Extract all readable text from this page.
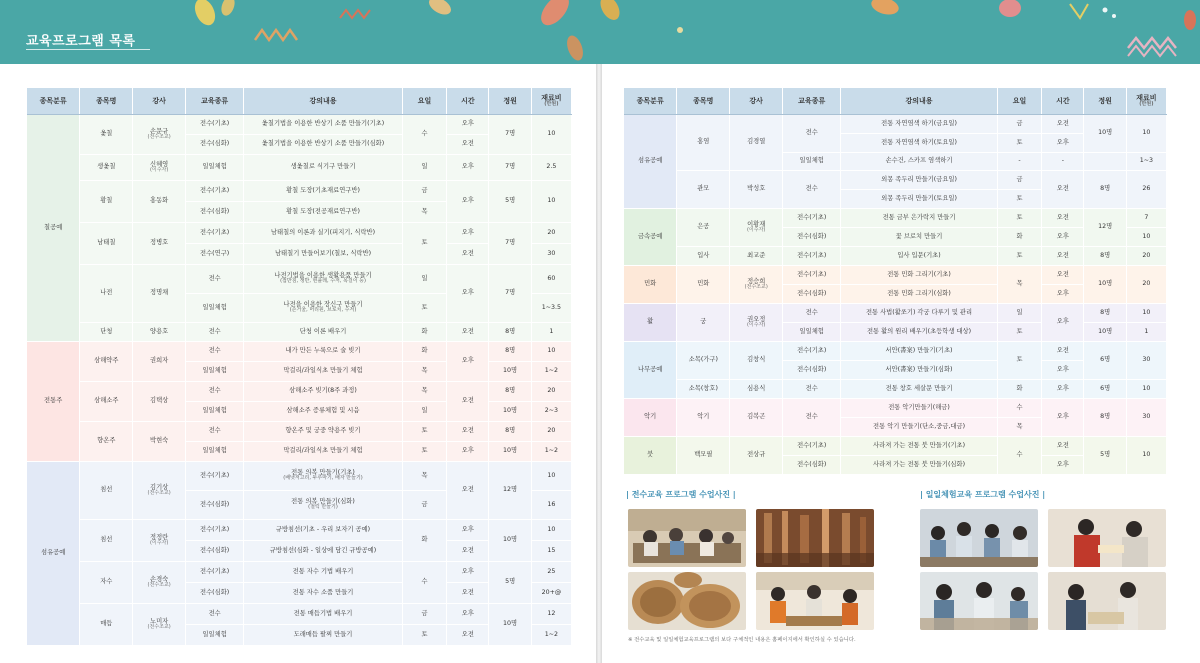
교육프로그램 목록
종목분류	종목명	강사	교육종류	강의내용	요일	시간	정원	재료비
(만원)

칠공예	옻칠	손문규
(전수조교)	전수(기초)	옻칠기법을 이용한 반상기 소품 만들기(기초)	수	오후	7명	10
			전수(심화)	옻칠기법을 이용한 반상기 소품 만들기(심화)		오전		
	생옻칠	신혜영
(이수자)	일일체험	생옻칠로 식기구 만들기	일	오후	7명	2.5
	황칠	홍동화	전수(기초)	황칠 도장(기초재료연구반)	금	오후	5명	10
			전수(심화)	황칠 도장(전공재료연구반)	목			
	남태칠	정병호	전수(기초)	남태칠의 이론과 실기(피지기, 식락반)	토	오후	7명	20
			전수(연구)	남태칠기 만들어보기(칠보, 식락반)		오전		30
	나전	정명채	전수	나전기법을 이용한 생활용품 만들기
(접반침, 쟁반, 현플레, 수저, 목걸이 등)	일	오후	7명	60
			일일체험	나전을 이용한 장신구 만들기
(손거울, 머리핀, 브로치, 수저)	토			1~3.5
	단청	양용호	전수	단청 이론 배우기	화	오전	8명	1
전통주	삼해약주	권희자	전수	내가 만든 누룩으로 술 빚기	화	오후	8명	10
			일일체험	막걸리/과일식초 만들기 체험	목		10명	1~2
	삼해소주	김택상	전수	삼해소주 빚기(8주 과정)	목	오전	8명	20
			일일체험	삼해소주 증류체험 및 시음	일		10명	2~3
	향온주	박현숙	전수	향온주 및 궁중 약용주 빚기	토	오전	8명	20
			일일체험	막걸리/과일식초 만들기 체험	토	오후	10명	1~2
섬유공예	침선	김기상
(전수조교)	전수(기초)	전통 의복 만들기(기초)
(배냇저고리, 두루마기, 배자 만들기)	목	오전	12명	10
			전수(심화)	전통 의복 만들기(심화)
(철릭 만들기)	금			16
	침선	정정란
(이수자)	전수(기초)	규방침선(기초 - 우리 보자기 공예)	화	오후	10명	10
			전수(심화)	규방침선(심화 - 일상에 담긴 규방공예)		오전		15
	자수	손경숙
(전수조교)	전수(기초)	전통 자수 기법 배우기	수	오후	5명	25
			전수(심화)	전통 자수 소품 만들기		오전		20+@
	매듭	노미자
(전수조교)	전수	전통 매듭기법 배우기	금	오후	10명	12
			일일체험	도래매듭 팔찌 만들기	토	오전		1~2
종목분류	종목명	강사	교육종류	강의내용	요일	시간	정원	재료비
(만원)

섬유공예	홍염	김경열	전수	전통 자연염색 하기(금요일)	금	오전	10명	10
				전통 자연염색 하기(토요일)	토	오후		
			일일체험	손수건, 스카프 염색하기	-	-		1~3
	관모	박성호	전수	외몽 족두리 만들기(금요일)	금	오전	8명	26
				외몽 족두리 만들기(토요일)	토			
금속공예	은공	이황재
(이수자)	전수(기초)	전통 금부 은가락지 만들기	토	오전	12명	7
			전수(심화)	꽃 브로치 만들기	화	오후		10
	입사	최교준	전수(기초)	입사 입문(기초)	토	오전	8명	20
민화	민화	정승희
(전수조교)	전수(기초)	전통 민화 그리기(기초)	목	오전	10명	20
			전수(심화)	전통 민화 그리기(심화)		오후		
활	궁	권오정
(이수자)	전수	전통 사법(활쏘기) 각궁 다루기 및 관리	일	오후	8명	10
			일일체험	전통 활의 원리 배우기(초등학생 대상)	토		10명	1
나무공예	소목(가구)	김창식	전수(기초)	서안(書案) 만들기(기초)	토	오전	6명	30
			전수(심화)	서안(書案) 만들기(심화)		오후		
	소목(창호)	심용식	전수	전통 창호 세살문 만들기	화	오후	6명	10
악기	악기	김복곤	전수	전통 악기만들기(해금)	수	오후	8명	30
				전통 악기 만들기(단소,중금,대금)	목			
붓	백모필	전상규	전수(기초)	사라져 가는 전통 붓 만들기(기초)	수	오전	5명	10
			전수(심화)	사라져 가는 전통 붓 만들기(심화)		오후		
| 전수교육 프로그램 수업사진 |	| 일일체험교육 프로그램 수업사진 |
※ 전수교육 및 일일체험교육프로그램의 보다 구체적인 내용은 홈페이지에서 확인하실 수 있습니다.
